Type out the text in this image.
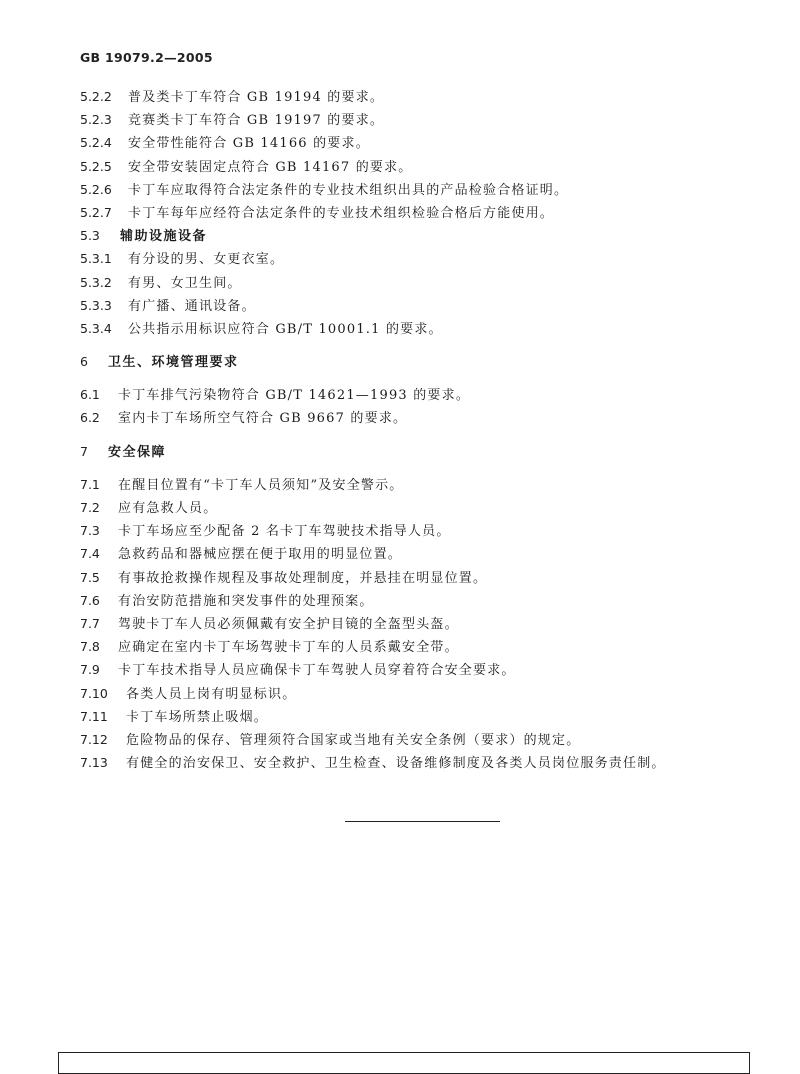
GB 19079.2—2005
5.2.2	普及类卡丁车符合 GB 19194 的要求。
5.2.3	竞赛类卡丁车符合 GB 19197 的要求。
5.2.4	安全带性能符合 GB 14166 的要求。
5.2.5	安全带安装固定点符合 GB 14167 的要求。
5.2.6	卡丁车应取得符合法定条件的专业技术组织出具的产品检验合格证明。
5.2.7	卡丁车每年应经符合法定条件的专业技术组织检验合格后方能使用。
5.3	辅助设施设备
5.3.1	有分设的男、女更衣室。
5.3.2	有男、女卫生间。
5.3.3	有广播、通讯设备。
5.3.4	公共指示用标识应符合 GB/T 10001.1 的要求。
6	卫生、环境管理要求
6.1	卡丁车排气污染物符合 GB/T 14621—1993 的要求。
6.2	室内卡丁车场所空气符合 GB 9667 的要求。
7	安全保障
7.1	在醒目位置有“卡丁车人员须知”及安全警示。
7.2	应有急救人员。
7.3	卡丁车场应至少配备 2 名卡丁车驾驶技术指导人员。
7.4	急救药品和器械应摆在便于取用的明显位置。
7.5	有事故抢救操作规程及事故处理制度，并悬挂在明显位置。
7.6	有治安防范措施和突发事件的处理预案。
7.7	驾驶卡丁车人员必须佩戴有安全护目镜的全盔型头盔。
7.8	应确定在室内卡丁车场驾驶卡丁车的人员系戴安全带。
7.9	卡丁车技术指导人员应确保卡丁车驾驶人员穿着符合安全要求。
7.10	各类人员上岗有明显标识。
7.11	卡丁车场所禁止吸烟。
7.12	危险物品的保存、管理须符合国家或当地有关安全条例（要求）的规定。
7.13	有健全的治安保卫、安全救护、卫生检查、设备维修制度及各类人员岗位服务责任制。
